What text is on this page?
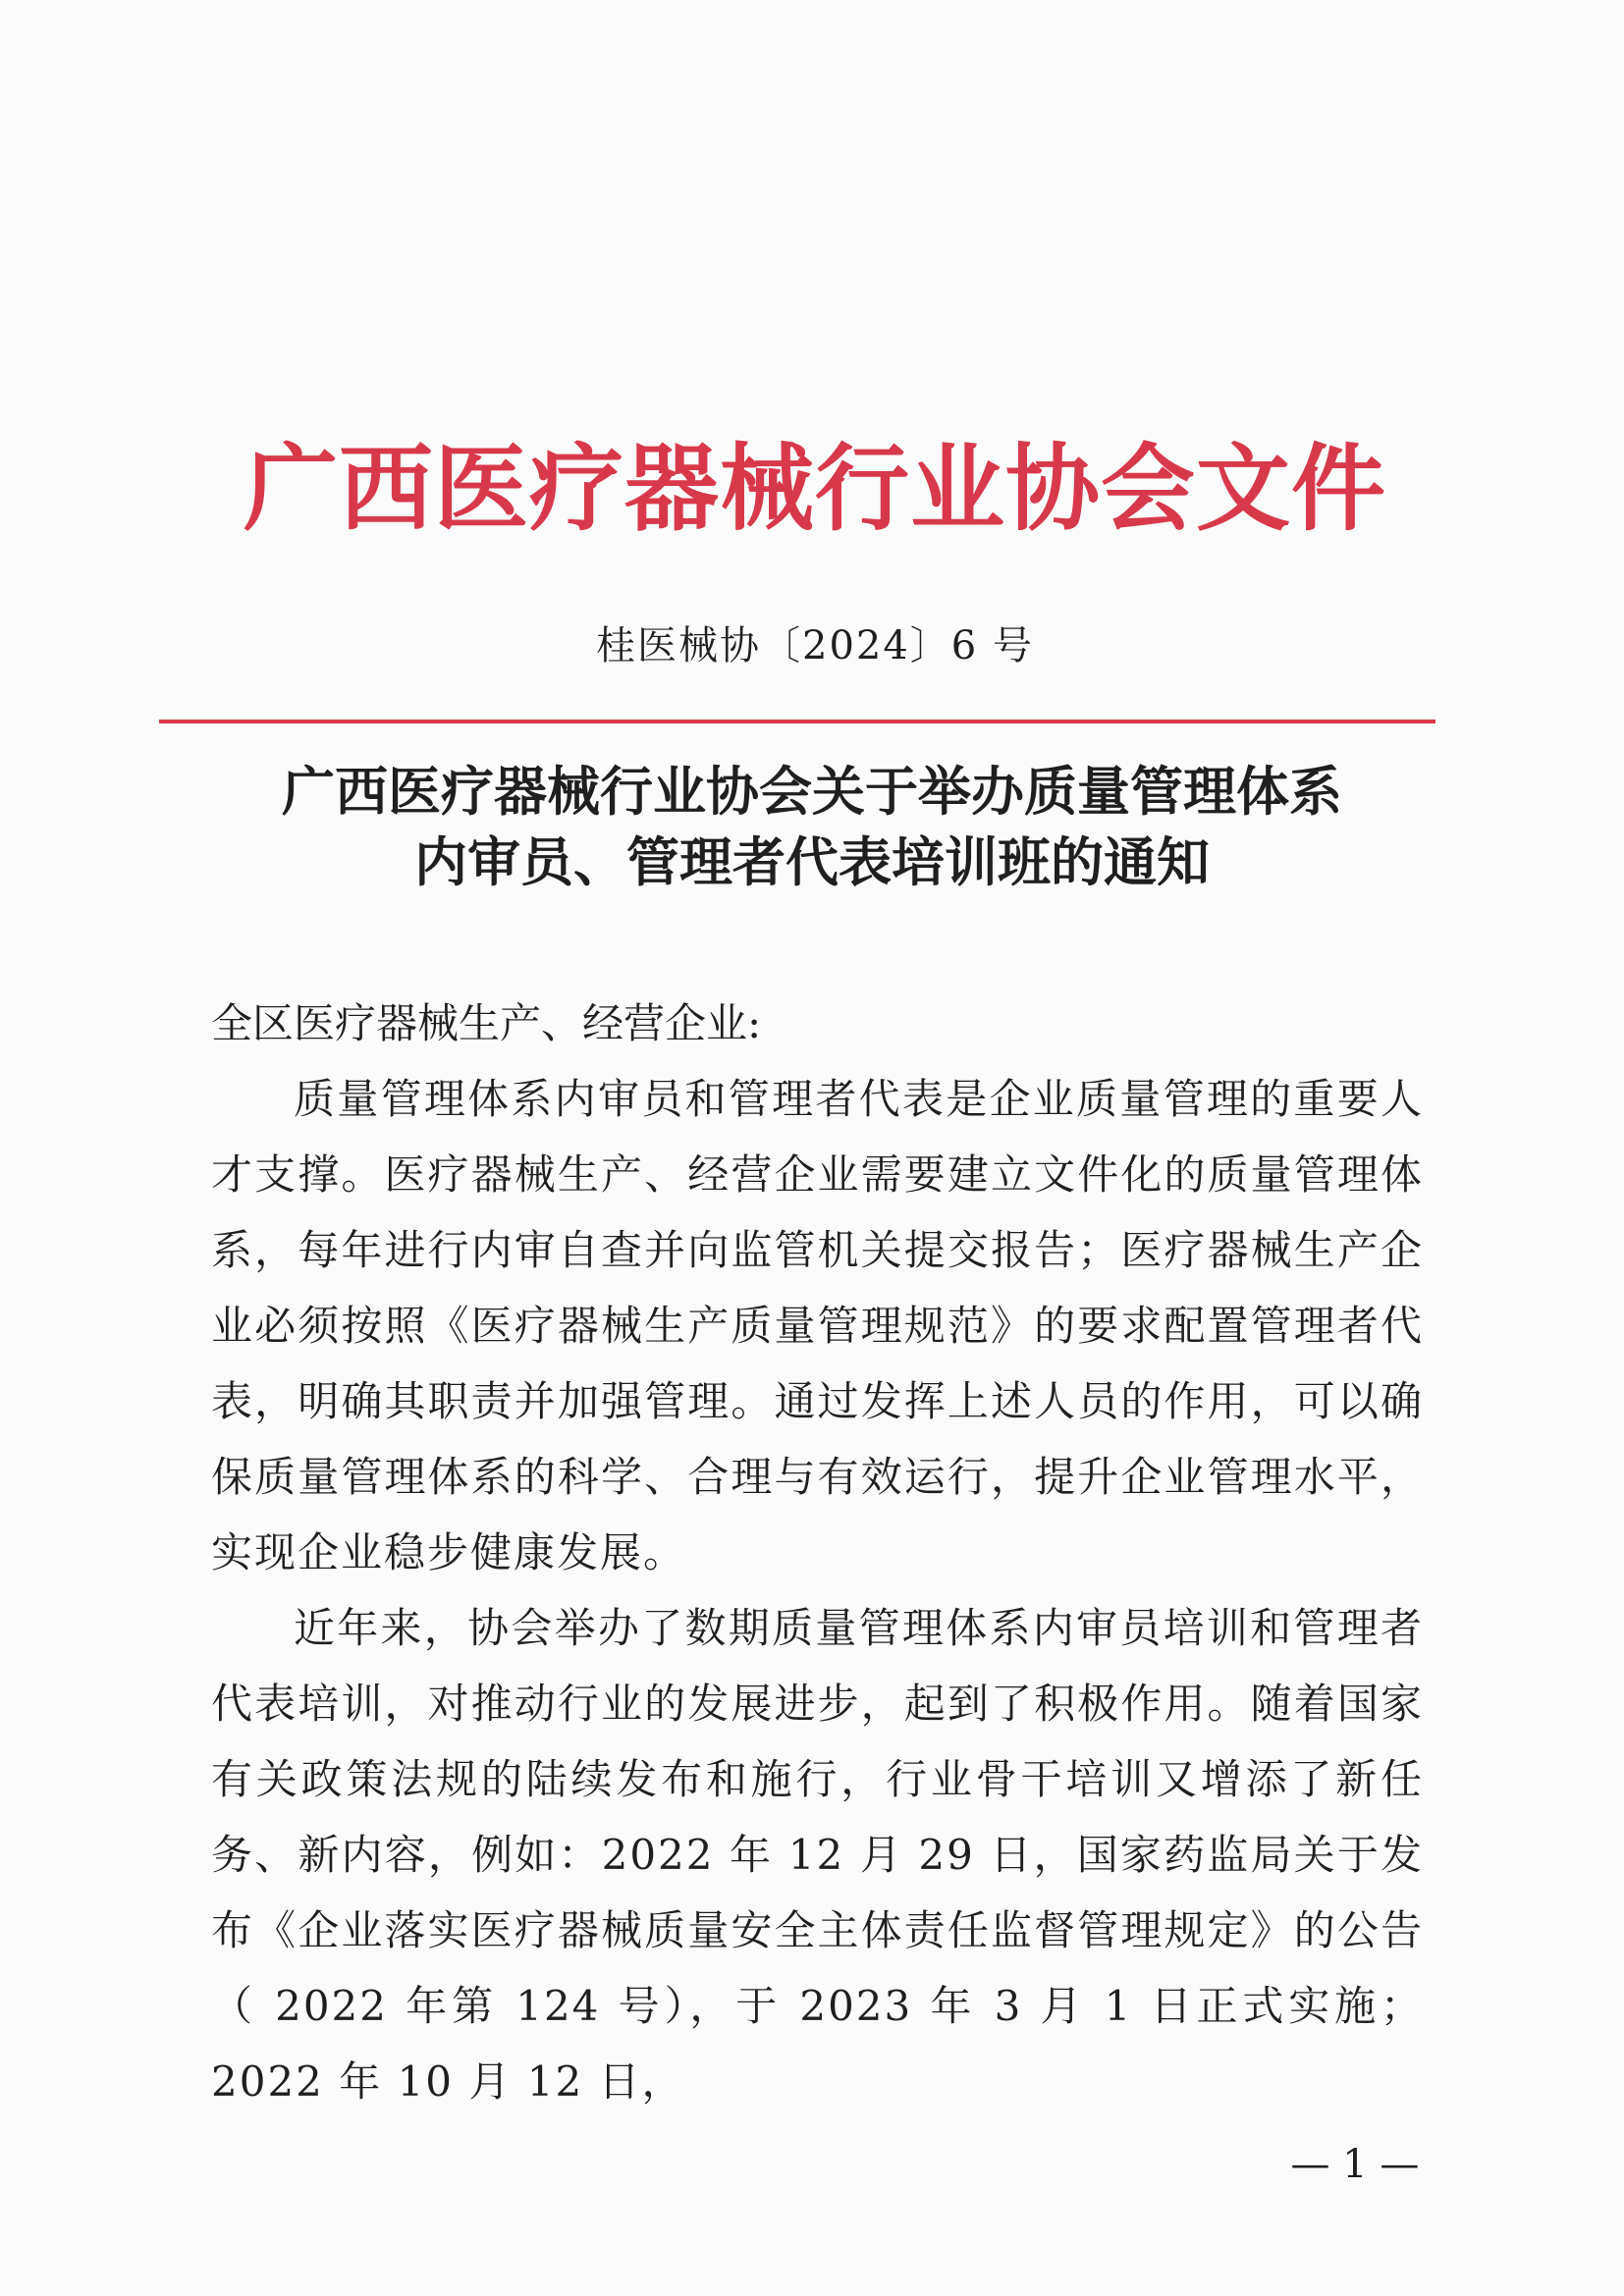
广西医疗器械行业协会文件
桂医械协〔2024〕6 号
广西医疗器械行业协会关于举办质量管理体系
内审员、管理者代表培训班的通知
全区医疗器械生产、经营企业:
质量管理体系内审员和管理者代表是企业质量管理的重要人才支撑。医疗器械生产、经营企业需要建立文件化的质量管理体系，每年进行内审自查并向监管机关提交报告；医疗器械生产企业必须按照《医疗器械生产质量管理规范》的要求配置管理者代表，明确其职责并加强管理。通过发挥上述人员的作用，可以确保质量管理体系的科学、合理与有效运行，提升企业管理水平，实现企业稳步健康发展。
近年来，协会举办了数期质量管理体系内审员培训和管理者代表培训，对推动行业的发展进步，起到了积极作用。随着国家有关政策法规的陆续发布和施行，行业骨干培训又增添了新任务、新内容，例如：2022 年 12 月 29 日，国家药监局关于发布《企业落实医疗器械质量安全主体责任监督管理规定》的公告（ 2022 年第 124 号），于 2023 年 3 月 1 日正式实施；2022 年 10 月 12 日，
— 1 —
